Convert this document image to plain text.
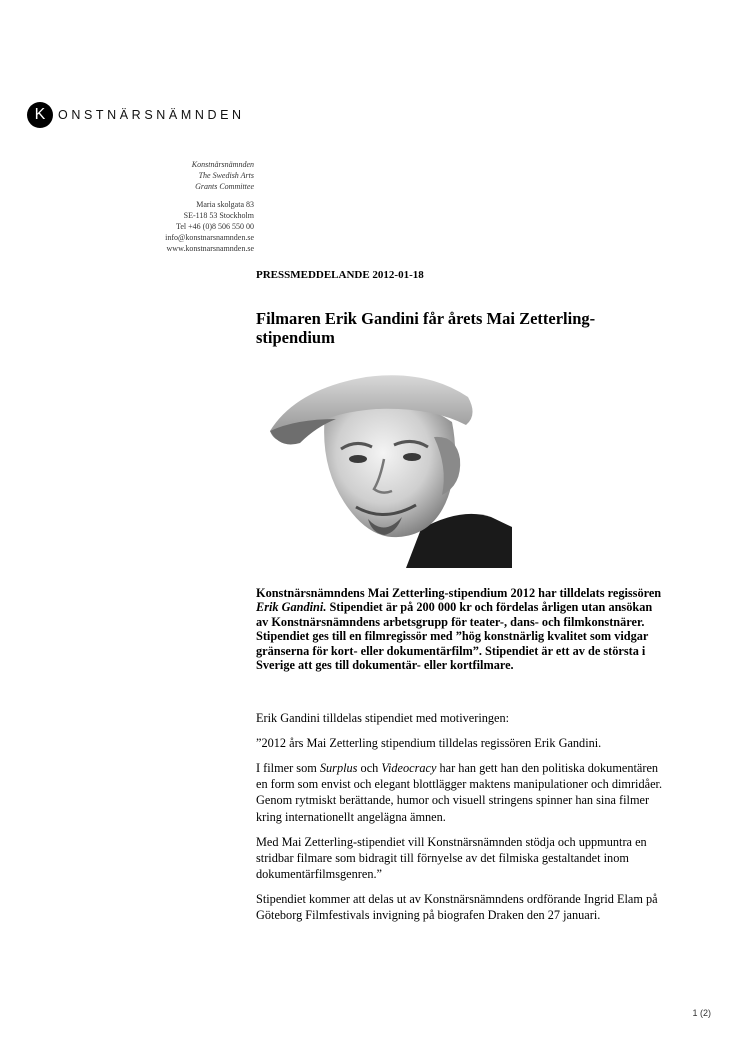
K	ONSTNÄRSNÄMNDEN
Konstnärsnämnden
The Swedish Arts
Grants Committee
Maria skolgata 83
SE-118 53 Stockholm
Tel +46 (0)8 506 550 00
info@konstnarsnamnden.se
www.konstnarsnamnden.se
PRESSMEDDELANDE 2012-01-18
Filmaren Erik Gandini får årets Mai Zetterling-stipendium

Konstnärsnämndens Mai Zetterling-stipendium 2012 har tilldelats regissören Erik Gandini. Stipendiet är på 200 000 kr och fördelas årligen utan ansökan av Konstnärsnämndens arbetsgrupp för teater-, dans- och filmkonstnärer. Stipendiet ges till en filmregissör med ”hög konstnärlig kvalitet som vidgar gränserna för kort- eller dokumentärfilm”. Stipendiet är ett av de största i Sverige att ges till dokumentär- eller kortfilmare.

Erik Gandini tilldelas stipendiet med motiveringen:

”2012 års Mai Zetterling stipendium tilldelas regissören Erik Gandini.

I filmer som Surplus och Videocracy har han gett han den politiska dokumentären en form som envist och elegant blottlägger maktens manipulationer och dimridåer. Genom rytmiskt berättande, humor och visuell stringens spinner han sina filmer kring internationellt angelägna ämnen.

Med Mai Zetterling-stipendiet vill Konstnärsnämnden stödja och uppmuntra en stridbar filmare som bidragit till förnyelse av det filmiska gestaltandet inom dokumentärfilmsgenren.”

Stipendiet kommer att delas ut av Konstnärsnämndens ordförande Ingrid Elam på Göteborg Filmfestivals invigning på biografen Draken den 27 januari.

1 (2)
